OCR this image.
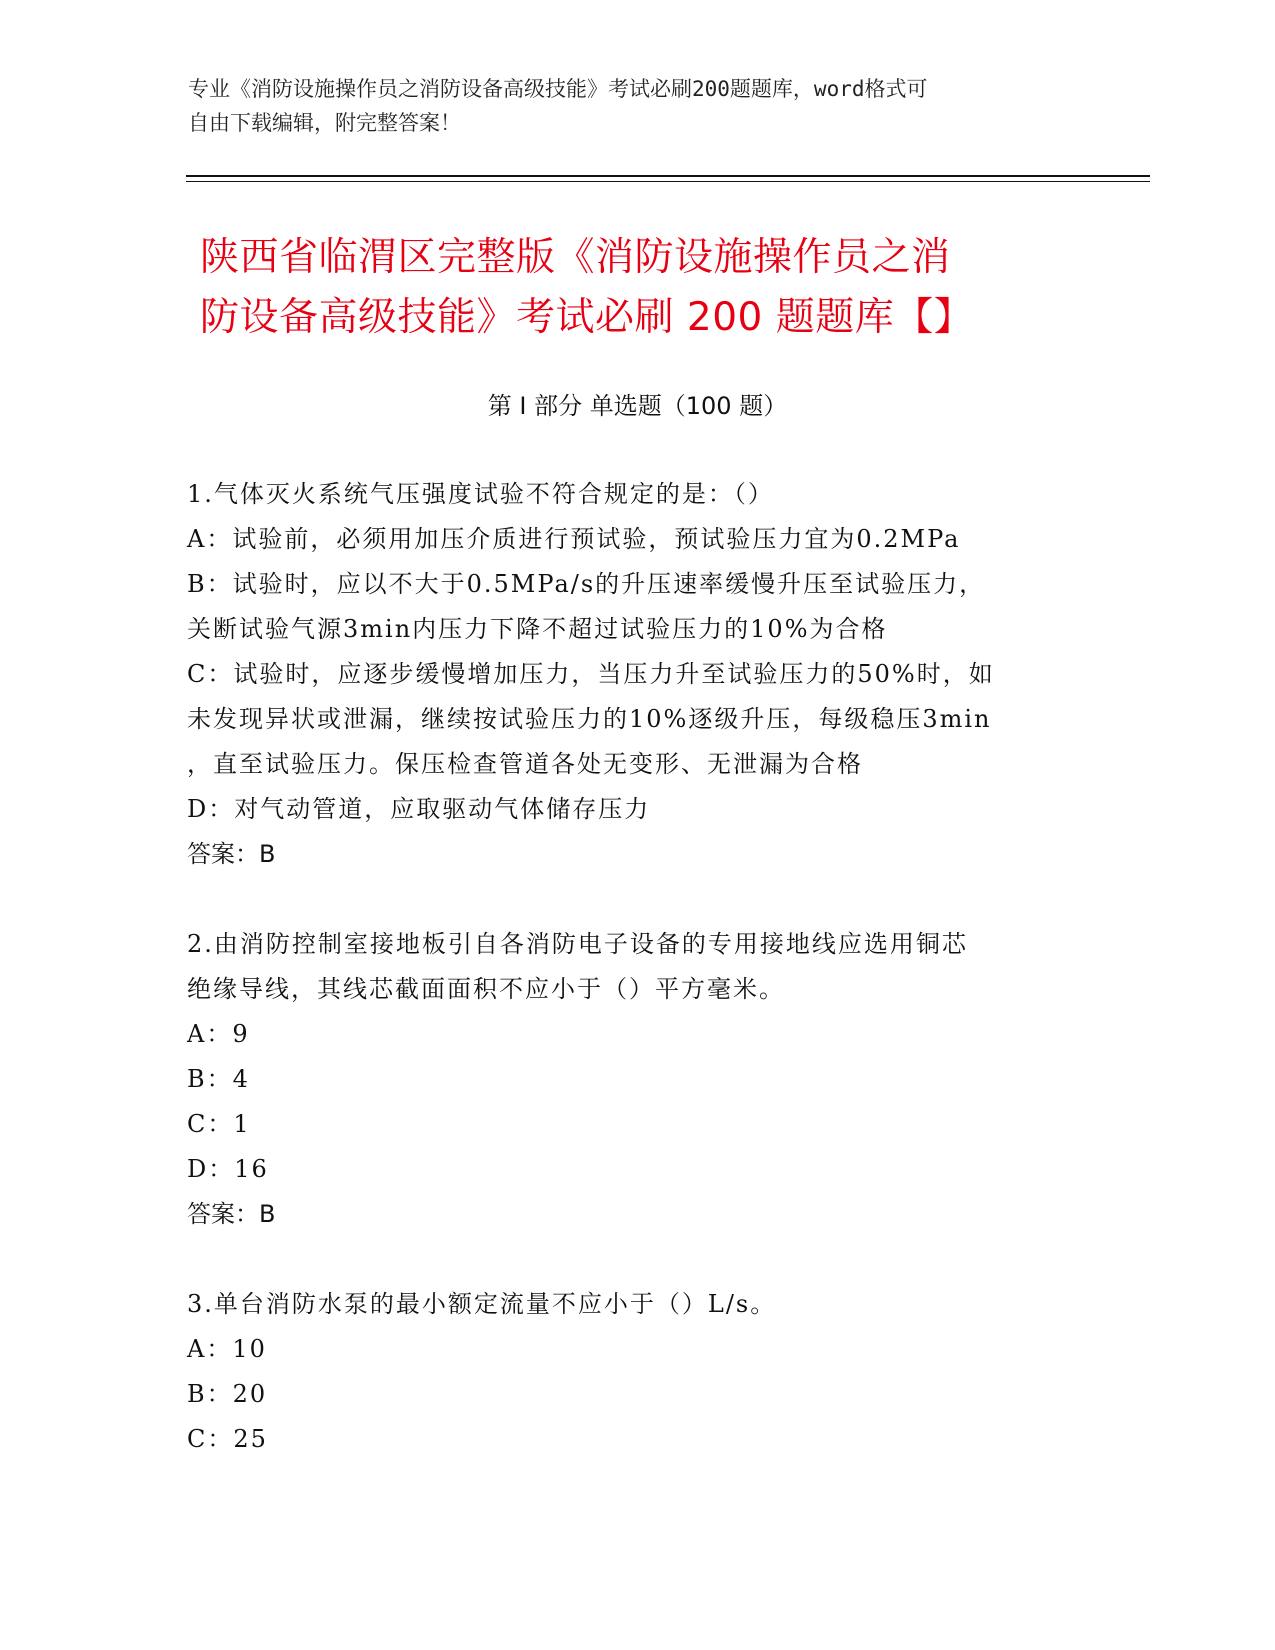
专业《消防设施操作员之消防设备高级技能》考试必刷200题题库，word格式可
自由下载编辑，附完整答案！
陕西省临渭区完整版《消防设施操作员之消
防设备高级技能》考试必刷 200 题题库【】
第 I 部分 单选题（100 题）
1.气体灭火系统气压强度试验不符合规定的是：（）
A：试验前，必须用加压介质进行预试验，预试验压力宜为0.2MPa
B：试验时，应以不大于0.5MPa/s的升压速率缓慢升压至试验压力，
关断试验气源3min内压力下降不超过试验压力的10%为合格
C：试验时，应逐步缓慢增加压力，当压力升至试验压力的50%时，如
未发现异状或泄漏，继续按试验压力的10%逐级升压，每级稳压3min
，直至试验压力。保压检查管道各处无变形、无泄漏为合格
D：对气动管道，应取驱动气体储存压力
答案：B
2.由消防控制室接地板引自各消防电子设备的专用接地线应选用铜芯
绝缘导线，其线芯截面面积不应小于（）平方毫米。
A：9
B：4
C：1
D：16
答案：B
3.单台消防水泵的最小额定流量不应小于（）L/s。
A：10
B：20
C：25
